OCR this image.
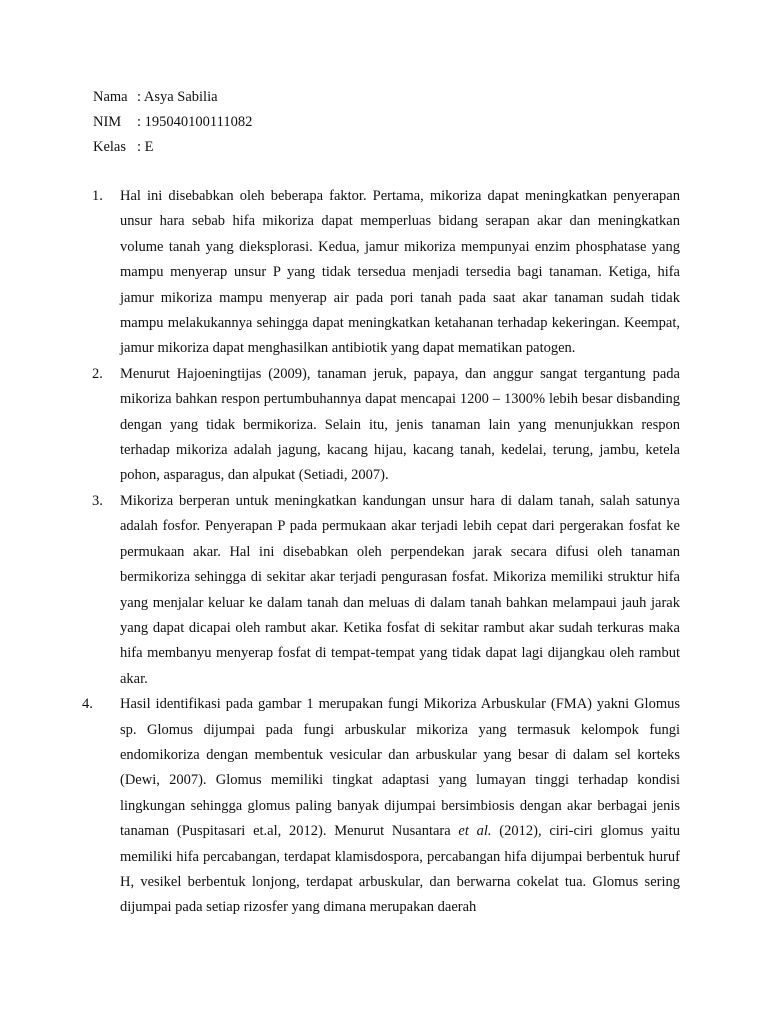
Nama : Asya Sabilia
NIM	: 195040100111082
Kelas : E
1. Hal ini disebabkan oleh beberapa faktor. Pertama, mikoriza dapat meningkatkan penyerapan unsur hara sebab hifa mikoriza dapat memperluas bidang serapan akar dan meningkatkan volume tanah yang dieksplorasi. Kedua, jamur mikoriza mempunyai enzim phosphatase yang mampu menyerap unsur P yang tidak tersedua menjadi tersedia bagi tanaman. Ketiga, hifa jamur mikoriza mampu menyerap air pada pori tanah pada saat akar tanaman sudah tidak mampu melakukannya sehingga dapat meningkatkan ketahanan terhadap kekeringan. Keempat, jamur mikoriza dapat menghasilkan antibiotik yang dapat mematikan patogen.
2. Menurut Hajoeningtijas (2009), tanaman jeruk, papaya, dan anggur sangat tergantung pada mikoriza bahkan respon pertumbuhannya dapat mencapai 1200 – 1300% lebih besar disbanding dengan yang tidak bermikoriza. Selain itu, jenis tanaman lain yang menunjukkan respon terhadap mikoriza adalah jagung, kacang hijau, kacang tanah, kedelai, terung, jambu, ketela pohon, asparagus, dan alpukat (Setiadi, 2007).
3. Mikoriza berperan untuk meningkatkan kandungan unsur hara di dalam tanah, salah satunya adalah fosfor. Penyerapan P pada permukaan akar terjadi lebih cepat dari pergerakan fosfat ke permukaan akar. Hal ini disebabkan oleh perpendekan jarak secara difusi oleh tanaman bermikoriza sehingga di sekitar akar terjadi pengurasan fosfat. Mikoriza memiliki struktur hifa yang menjalar keluar ke dalam tanah dan meluas di dalam tanah bahkan melampaui jauh jarak yang dapat dicapai oleh rambut akar. Ketika fosfat di sekitar rambut akar sudah terkuras maka hifa membanyu menyerap fosfat di tempat-tempat yang tidak dapat lagi dijangkau oleh rambut akar.
4. Hasil identifikasi pada gambar 1 merupakan fungi Mikoriza Arbuskular (FMA) yakni Glomus sp. Glomus dijumpai pada fungi arbuskular mikoriza yang termasuk kelompok fungi endomikoriza dengan membentuk vesicular dan arbuskular yang besar di dalam sel korteks (Dewi, 2007). Glomus memiliki tingkat adaptasi yang lumayan tinggi terhadap kondisi lingkungan sehingga glomus paling banyak dijumpai bersimbiosis dengan akar berbagai jenis tanaman (Puspitasari et.al, 2012). Menurut Nusantara et al. (2012), ciri-ciri glomus yaitu memiliki hifa percabangan, terdapat klamisdospora, percabangan hifa dijumpai berbentuk huruf H, vesikel berbentuk lonjong, terdapat arbuskular, dan berwarna cokelat tua. Glomus sering dijumpai pada setiap rizosfer yang dimana merupakan daerah
